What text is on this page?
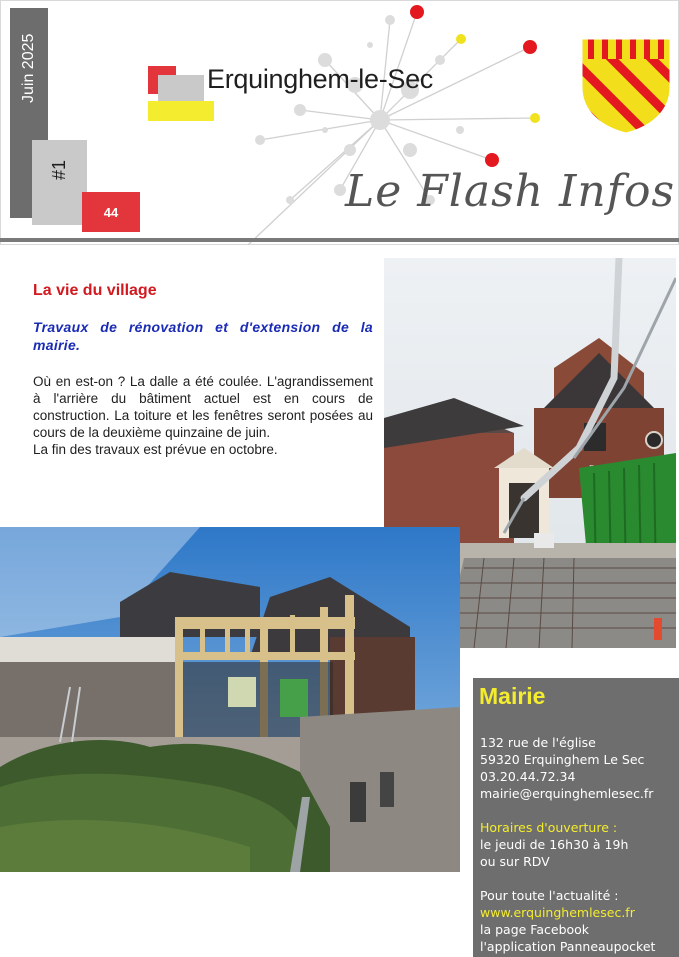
Juin 2025
#1
44
Erquinghem-le-Sec
Le Flash Infos
La vie du village
Travaux de rénovation et d'extension de la mairie.

Où en est-on ? La dalle a été coulée. L'agrandissement à l'arrière du bâtiment actuel est en cours de construction. La toiture et les fenêtres seront posées au cours de la deuxième quinzaine de juin.

La fin des travaux est prévue en octobre.

Mairie
132 rue de l'église
59320 Erquinghem Le Sec
03.20.44.72.34
mairie@erquinghemlesec.fr
Horaires d'ouverture :
le jeudi de 16h30 à 19h
ou sur RDV
Pour toute l'actualité :
www.erquinghemlesec.fr
la page Facebook
l'application Panneaupocket
